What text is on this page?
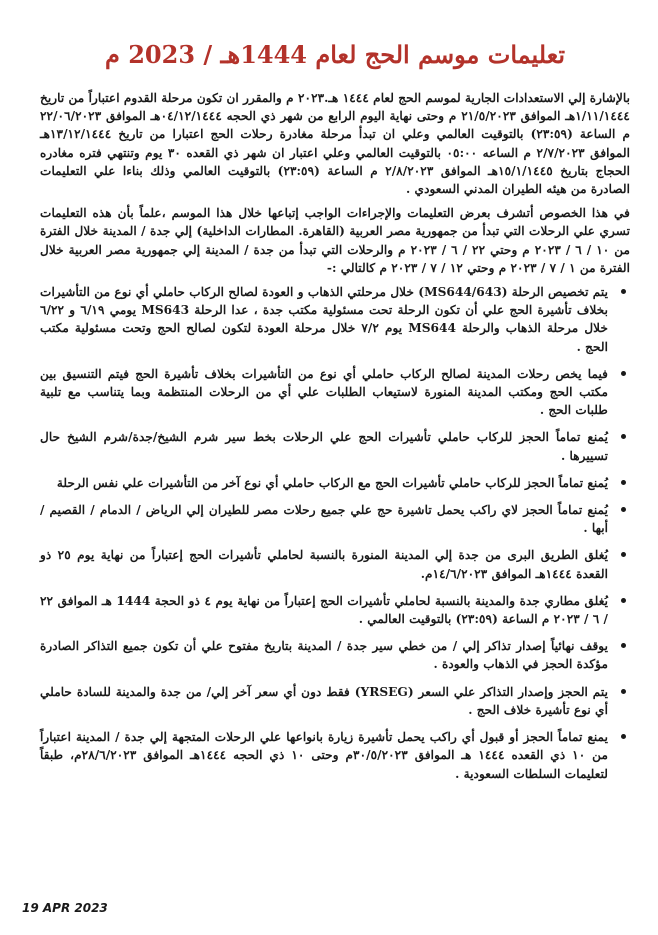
تعليمات موسم الحج لعام 1444هـ / 2023 م

بالإشارة إلي الاستعدادات الجارية لموسم الحج لعام ١٤٤٤ هـ.٢٠٢٣ م والمقرر ان تكون مرحلة القدوم اعتباراً من تاريخ ١/١١/١٤٤٤هـ الموافق ٢١/٥/٢٠٢٣ م وحتى نهاية اليوم الرابع من شهر ذي الحجه ٠٤/١٢/١٤٤٤هـ الموافق ٢٢/٠٦/٢٠٢٣ م الساعة (٢٣:٥٩) بالتوقيت العالمي وعلي ان تبدأ مرحلة مغادرة رحلات الحج اعتبارا من تاريخ ١٣/١٢/١٤٤٤هـ الموافق ٢/٧/٢٠٢٣ م الساعه ٠٥:٠٠ بالتوقيت العالمي وعلي اعتبار ان شهر ذي القعده ٣٠ يوم وتنتهي فتره مغادره الحجاج بتاريخ ١٥/١/١٤٤٥هـ الموافق ٢/٨/٢٠٢٣ م الساعة (٢٣:٥٩) بالتوقيت العالمي وذلك بناءا علي التعليمات الصادرة من هيئه الطيران المدني السعودي .

في هذا الخصوص أتشرف بعرض التعليمات والإجراءات الواجب إتباعها خلال هذا الموسم ،علماً بأن هذه التعليمات تسري علي الرحلات التي تبدأ من جمهورية مصر العربية (القاهرة. المطارات الداخلية) إلي جدة / المدينة خلال الفترة من ١٠ / ٦ / ٢٠٢٣ م وحتي ٢٢ / ٦ / ٢٠٢٣ م والرحلات التي تبدأ من جدة / المدينة إلي جمهورية مصر العربية خلال الفترة من ١ / ٧ / ٢٠٢٣ م وحتي ١٢ / ٧ / ٢٠٢٣ م كالتالي :-

يتم تخصيص الرحلة (MS644/643) خلال مرحلتي الذهاب و العودة لصالح الركاب حاملي أي نوع من التأشيرات بخلاف تأشيرة الحج علي أن تكون الرحلة تحت مسئولية مكتب جدة ، عدا الرحلة MS643 يومي ٦/١٩ و ٦/٢٢ خلال مرحلة الذهاب والرحلة MS644 يوم ٧/٢ خلال مرحلة العودة لتكون لصالح الحج وتحت مسئولية مكتب الحج .
فيما يخص رحلات المدينة لصالح الركاب حاملي أي نوع من التأشيرات بخلاف تأشيرة الحج فيتم التنسيق بين مكتب الحج ومكتب المدينة المنورة لاستيعاب الطلبات علي أي من الرحلات المنتظمة وبما يتناسب مع تلبية طلبات الحج .
يُمنع تماماً الحجز للركاب حاملي تأشيرات الحج علي الرحلات بخط سير شرم الشيخ/جدة/شرم الشيخ حال تسييرها .
يُمنع تماماً الحجز للركاب حاملي تأشيرات الحج مع الركاب حاملي أي نوع آخر من التأشيرات علي نفس الرحلة
يُمنع تماماً الحجز لاي راكب يحمل تاشيرة حج علي جميع رحلات مصر للطيران إلي الرياض / الدمام / القصيم / أبها .
يُغلق الطريق البرى من جدة إلي المدينة المنورة بالنسبة لحاملي تأشيرات الحج إعتباراً من نهاية يوم ٢٥ ذو القعدة ١٤٤٤هـ الموافق ١٤/٦/٢٠٢٣م.
يُغلق مطاري جدة والمدينة بالنسبة لحاملي تأشيرات الحج إعتباراً من نهاية يوم ٤ ذو الحجة 1444 هـ الموافق ٢٢ / ٦ / ٢٠٢٣ م الساعة (٢٣:٥٩) بالتوقيت العالمي .
يوقف نهائياً إصدار تذاكر إلي / من خطي سير جدة / المدينة بتاريخ مفتوح علي أن تكون جميع التذاكر الصادرة مؤكدة الحجز في الذهاب والعودة .
يتم الحجز وإصدار التذاكر علي السعر (YRSEG) فقط دون أي سعر آخر إلي/ من جدة والمدينة للسادة حاملي أي نوع تأشيرة خلاف الحج .
يمنع تماماً الحجز أو قبول أي راكب يحمل تأشيرة زيارة بانواعها علي الرحلات المتجهة إلي جدة / المدينة اعتباراً من ١٠ ذي القعده ١٤٤٤ هـ الموافق ٣٠/٥/٢٠٢٣م وحتى ١٠ ذي الحجه ١٤٤٤هـ الموافق ٢٨/٦/٢٠٢٣م، طبقاً لتعليمات السلطات السعودية .
19 APR 2023
